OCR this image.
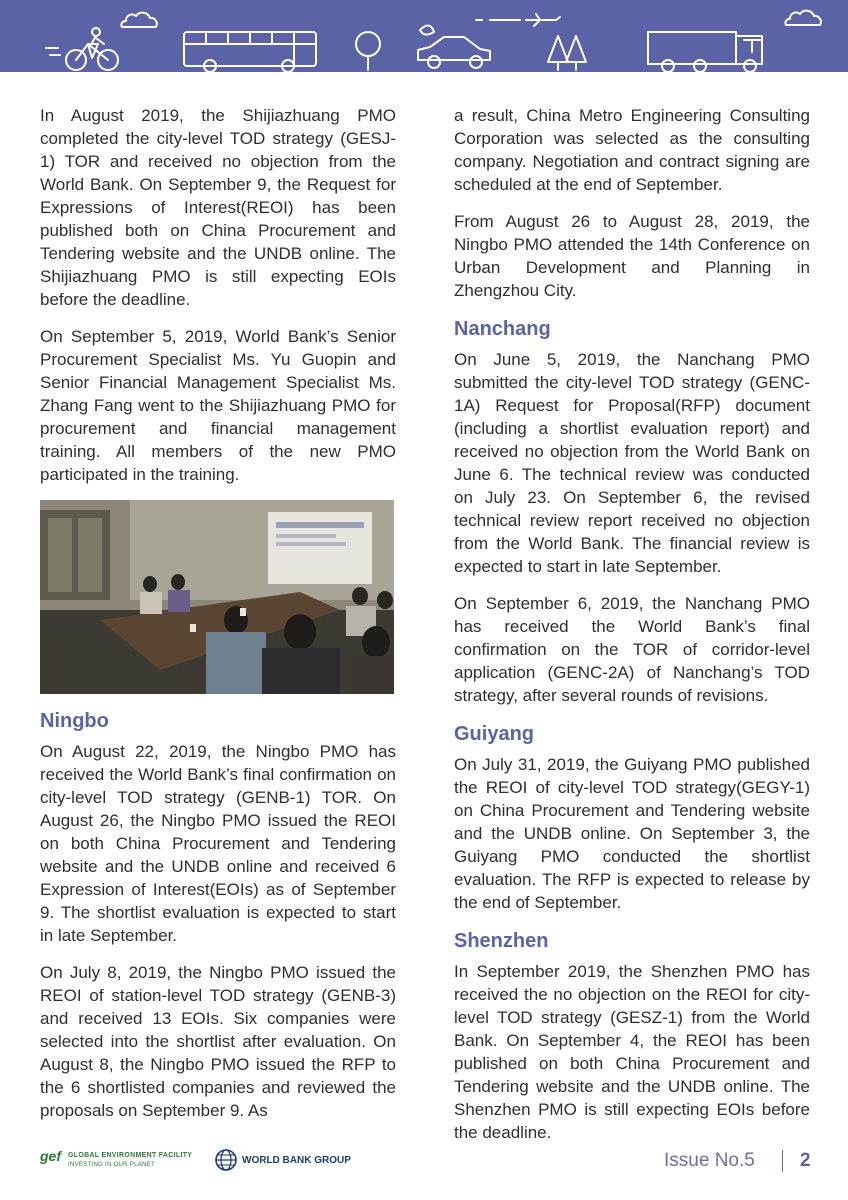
In August 2019, the Shijiazhuang PMO completed the city-level TOD strategy (GESJ-1) TOR and received no objection from the World Bank. On September 9, the Request for Expressions of Interest(REOI) has been published both on China Procurement and Tendering website and the UNDB online. The Shijiazhuang PMO is still expecting EOIs before the deadline.

On September 5, 2019, World Bank’s Senior Procurement Specialist Ms. Yu Guopin and Senior Financial Management Specialist Ms. Zhang Fang went to the Shijiazhuang PMO for procurement and financial management training. All members of the new PMO participated in the training.

Ningbo

On August 22, 2019, the Ningbo PMO has received the World Bank’s final confirmation on city-level TOD strategy (GENB-1) TOR. On August 26, the Ningbo PMO issued the REOI on both China Procurement and Tendering website and the UNDB online and received 6 Expression of Interest(EOIs) as of September 9. The shortlist evaluation is expected to start in late September.

On July 8, 2019, the Ningbo PMO issued the REOI of station-level TOD strategy (GENB-3) and received 13 EOIs. Six companies were selected into the shortlist after evaluation. On August 8, the Ningbo PMO issued the RFP to the 6 shortlisted companies and reviewed the proposals on September 9. As

a result, China Metro Engineering Consulting Corporation was selected as the consulting company. Negotiation and contract signing are scheduled at the end of September.

From August 26 to August 28, 2019, the Ningbo PMO attended the 14th Conference on Urban Development and Planning in Zhengzhou City.

Nanchang

On June 5, 2019, the Nanchang PMO submitted the city-level TOD strategy (GENC-1A) Request for Proposal(RFP) document (including a shortlist evaluation report) and received no objection from the World Bank on June 6. The technical review was conducted on July 23. On September 6, the revised technical review report received no objection from the World Bank. The financial review is expected to start in late September.

On September 6, 2019, the Nanchang PMO has received the World Bank’s final confirmation on the TOR of corridor-level application (GENC-2A) of Nanchang’s TOD strategy, after several rounds of revisions.

Guiyang

On July 31, 2019, the Guiyang PMO published the REOI of city-level TOD strategy(GEGY-1) on China Procurement and Tendering website and the UNDB online. On September 3, the Guiyang PMO conducted the shortlist evaluation. The RFP is expected to release by the end of September.

Shenzhen

In September 2019, the Shenzhen PMO has received the no objection on the REOI for city-level TOD strategy (GESZ-1) from the World Bank. On September 4, the REOI has been published on both China Procurement and Tendering website and the UNDB online. The Shenzhen PMO is still expecting EOIs before the deadline.

gef GLOBAL ENVIRONMENT FACILITY
INVESTING IN OUR PLANET	WORLD BANK GROUP	Issue No.5 2
